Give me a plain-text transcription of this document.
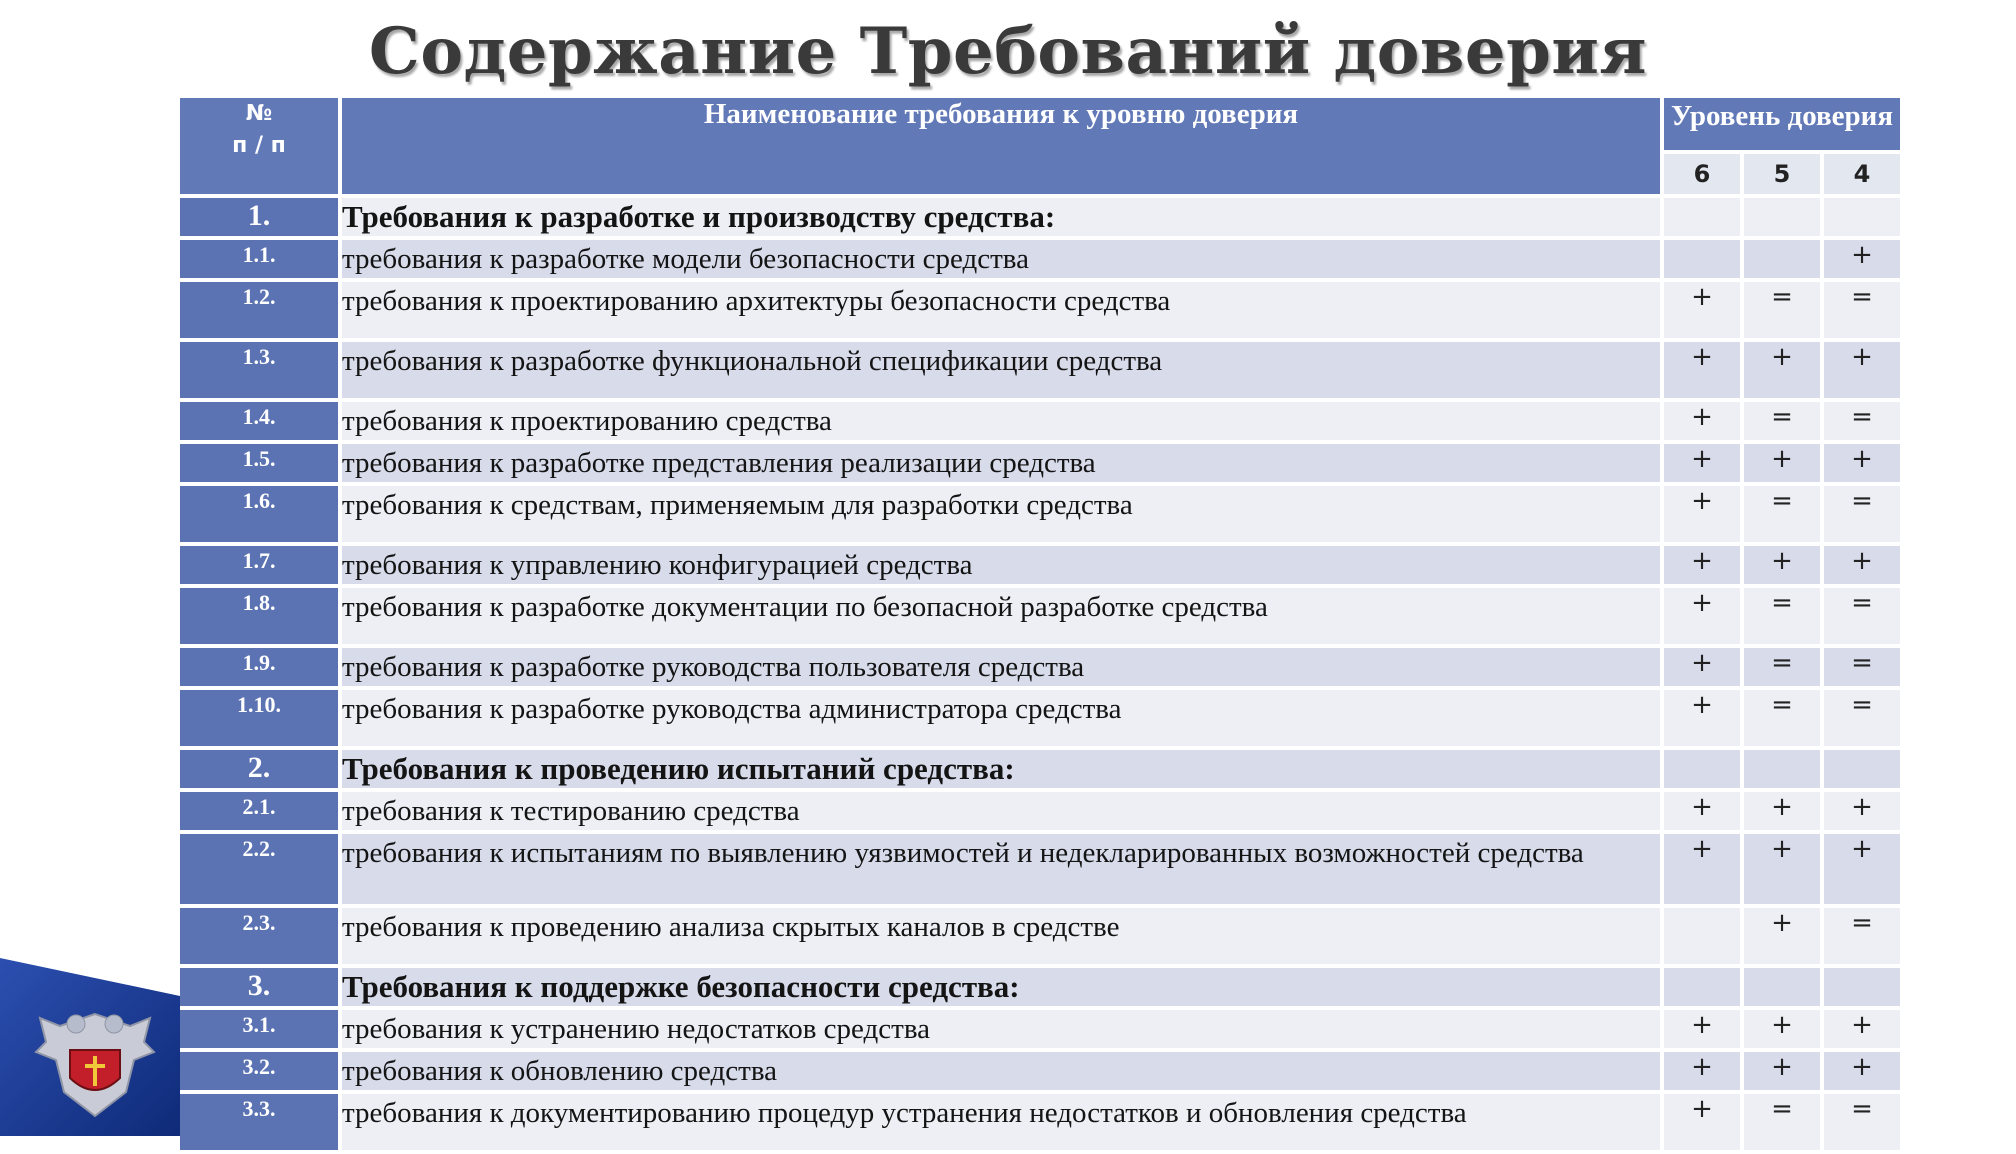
Содержание Требований доверия
№
п / п	Наименование требования к уровню доверия	Уровень доверия		
		6	5	4
1.	Требования к разработке и производству средства:			
1.1.	требования к разработке модели безопасности средства			+
1.2.	требования к проектированию архитектуры безопасности средства	+	=	=
1.3.	требования к разработке функциональной спецификации средства	+	+	+
1.4.	требования к проектированию средства	+	=	=
1.5.	требования к разработке представления реализации средства	+	+	+
1.6.	требования к средствам, применяемым для разработки средства	+	=	=
1.7.	требования к управлению конфигурацией средства	+	+	+
1.8.	требования к разработке документации по безопасной разработке средства	+	=	=
1.9.	требования к разработке руководства пользователя средства	+	=	=
1.10.	требования к разработке руководства администратора средства	+	=	=
2.	Требования к проведению испытаний средства:			
2.1.	требования к тестированию средства	+	+	+
2.2.	требования к испытаниям по выявлению уязвимостей и недекларированных возможностей средства	+	+	+
2.3.	требования к проведению анализа скрытых каналов в средстве		+	=
3.	Требования к поддержке безопасности средства:			
3.1.	требования к устранению недостатков средства	+	+	+
3.2.	требования к обновлению средства	+	+	+
3.3.	требования к документированию процедур устранения недостатков и обновления средства	+	=	=
